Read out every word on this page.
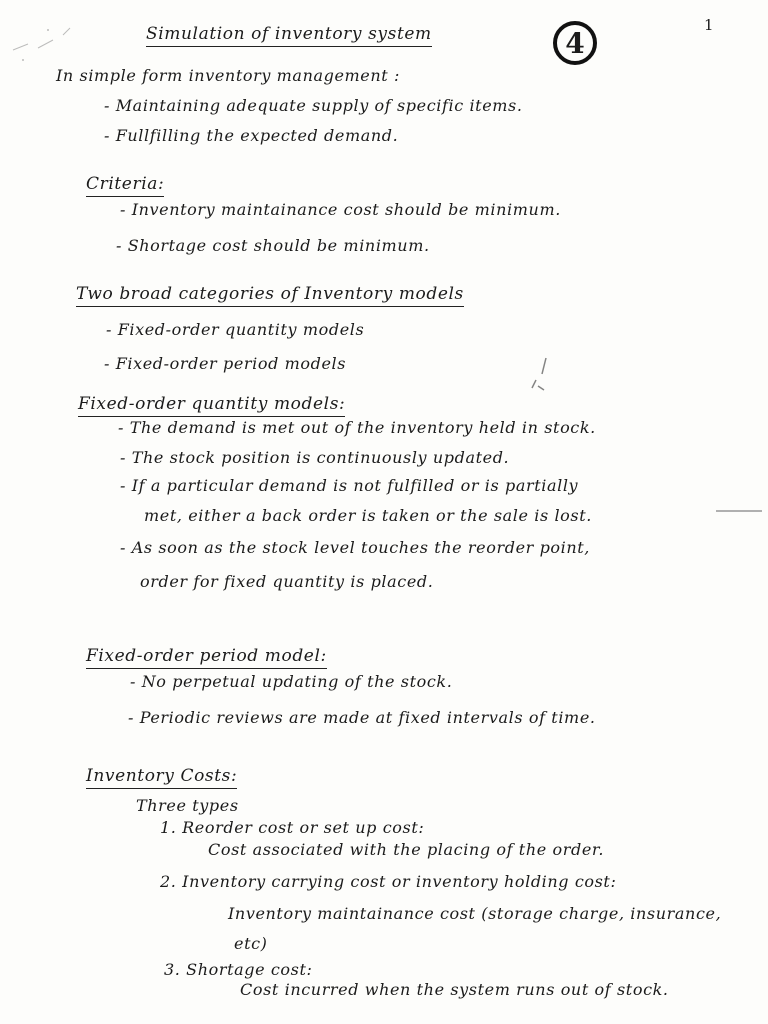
1
4
Simulation of inventory system
In simple form inventory management :
- Maintaining adequate supply of specific items.
- Fullfilling the expected demand.
Criteria:
- Inventory maintainance cost should be minimum.
- Shortage cost should be minimum.
Two broad categories of Inventory models
- Fixed-order quantity models
- Fixed-order period models
Fixed-order quantity models:
- The demand is met out of the inventory held in stock.
- The stock position is continuously updated.
- If a particular demand is not fulfilled or is partially
met, either a back order is taken or the sale is lost.
- As soon as the stock level touches the reorder point,
order for fixed quantity is placed.
Fixed-order period model:
- No perpetual updating of the stock.
- Periodic reviews are made at fixed intervals of time.
Inventory Costs:
Three types
1. Reorder cost or set up cost:
Cost associated with the placing of the order.
2. Inventory carrying cost or inventory holding cost:
Inventory maintainance cost (storage charge, insurance,
etc)
3. Shortage cost:
Cost incurred when the system runs out of stock.
